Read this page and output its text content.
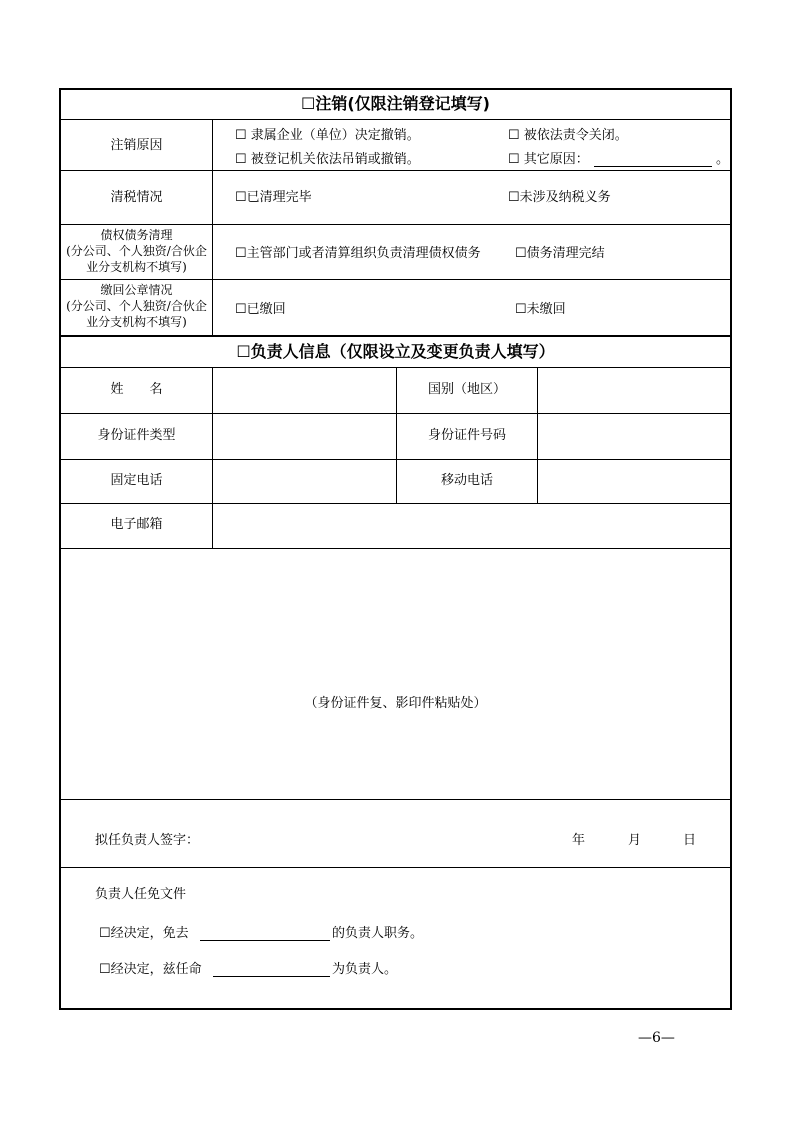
☐注销(仅限注销登记填写)
注销原因
☐ 隶属企业（单位）决定撤销。	☐ 被依法责令关闭。
☐ 被登记机关依法吊销或撤销。	☐ 其它原因：	。
清税情况	☐已清理完毕	☐未涉及纳税义务
债权债务清理
(分公司、个人独资/合伙企
业分支机构不填写)
☐主管部门或者清算组织负责清理债权债务	☐债务清理完结
缴回公章情况
(分公司、个人独资/合伙企
业分支机构不填写)
☐已缴回	☐未缴回
☐负责人信息（仅限设立及变更负责人填写）
姓　　名	国别（地区）
身份证件类型	身份证件号码
固定电话	移动电话
电子邮箱
（身份证件复、影印件粘贴处）
拟任负责人签字：	年	月	日
负责人任免文件
☐经决定，免去	的负责人职务。
☐经决定，兹任命	为负责人。
—6—
